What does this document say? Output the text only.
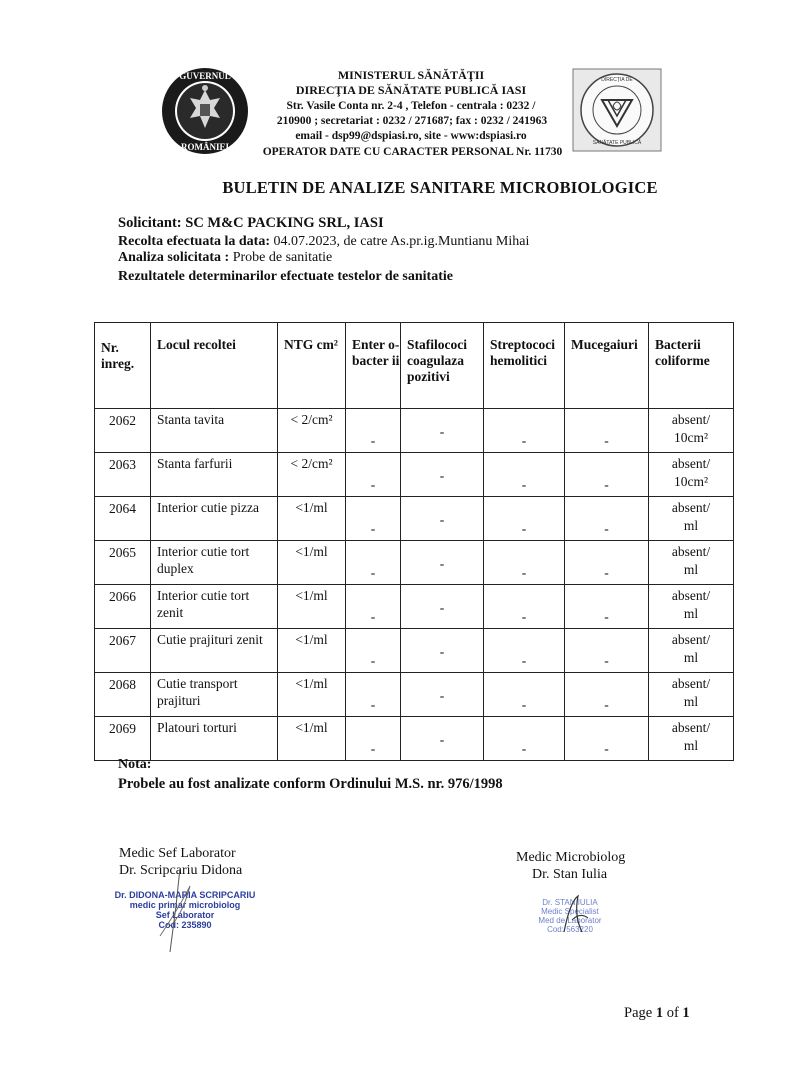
GUVERNUL
ROMÂNIEI
MINISTERUL SĂNĂTĂŢII
DIRECŢIA DE SĂNĂTATE PUBLICĂ IASI
Str. Vasile Conta nr. 2-4 , Telefon - centrala : 0232 /
210900 ; secretariat : 0232 / 271687; fax : 0232 / 241963
email - dsp99@dspiasi.ro, site - www:dspiasi.ro
OPERATOR DATE CU CARACTER PERSONAL Nr. 11730
DIRECȚIA DE
SĂNĂTATE PUBLICĂ
BULETIN DE ANALIZE SANITARE MICROBIOLOGICE
Solicitant: SC M&C PACKING SRL, IASI
Recolta efectuata la data: 04.07.2023, de catre As.pr.ig.Muntianu Mihai
Analiza solicitata : Probe de sanitatie
Rezultatele determinarilor efectuate testelor de sanitatie
Nr. inreg.	Locul recoltei	NTG cm²	Enter o-bacter ii	Stafilococi coagulaza pozitivi	Streptococi hemolitici	Mucegaiuri	Bacterii coliforme

2062	Stanta tavita	< 2/cm²	-	-	-	-	absent/
10cm²
2063	Stanta farfurii	< 2/cm²	-	-	-	-	absent/
10cm²
2064	Interior cutie pizza	<1/ml	-	-	-	-	absent/
ml
2065	Interior cutie tort duplex	<1/ml	-	-	-	-	absent/
ml
2066	Interior cutie tort zenit	<1/ml	-	-	-	-	absent/
ml
2067	Cutie prajituri zenit	<1/ml	-	-	-	-	absent/
ml
2068	Cutie transport prajituri	<1/ml	-	-	-	-	absent/
ml
2069	Platouri torturi	<1/ml	-	-	-	-	absent/
ml
Nota:
Probele au fost analizate conform Ordinului M.S. nr. 976/1998
Medic Sef Laborator
Dr. Scripcariu Didona
Dr. DIDONA-MARIA SCRIPCARIU
medic primar microbiolog
Sef Laborator
Cod: 235890
Medic Microbiolog
Dr. Stan Iulia
Dr. STAN IULIA
Medic Specialist
Med de Laborator
Cod: 563220
Page 1 of 1
